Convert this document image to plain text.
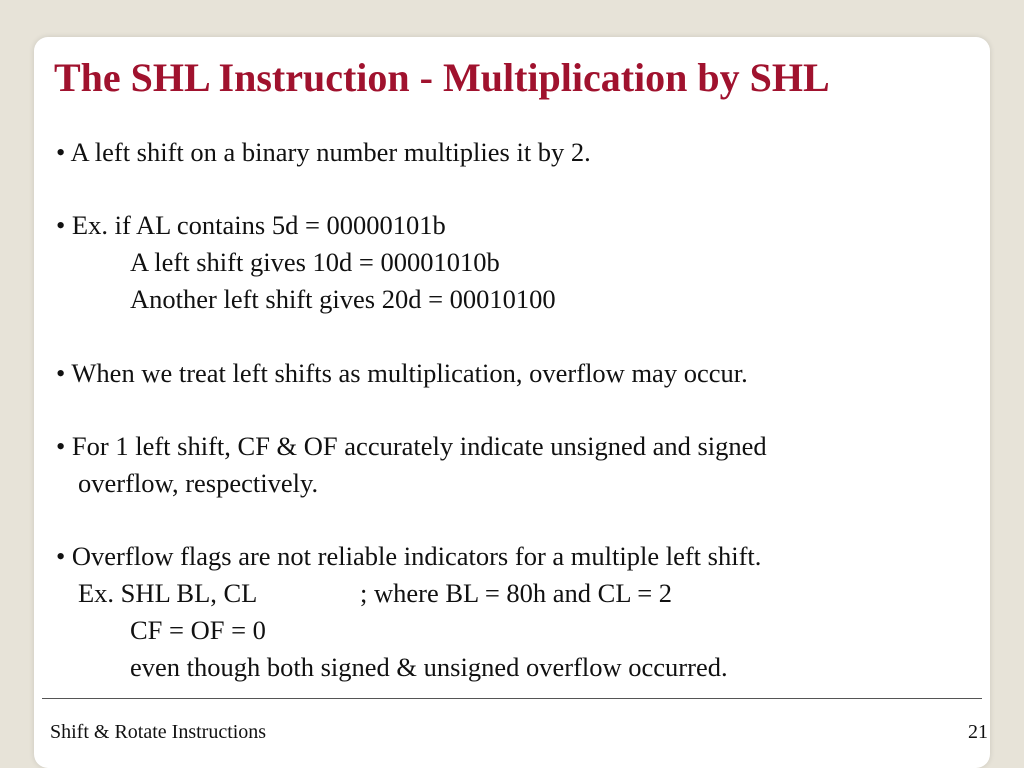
The SHL Instruction - Multiplication by SHL
• A left shift on a binary number multiplies it by 2.
• Ex. if AL contains 5d = 00000101b
A left shift gives 10d = 00001010b
Another left shift gives 20d = 00010100
• When we treat left shifts as multiplication, overflow may occur.
• For 1 left shift, CF & OF accurately indicate unsigned and signed
overflow, respectively.
• Overflow flags are not reliable indicators for a multiple left shift.
Ex. SHL BL, CL	; where BL = 80h and CL = 2
CF = OF = 0
even though both signed & unsigned overflow occurred.
Shift & Rotate Instructions	21
